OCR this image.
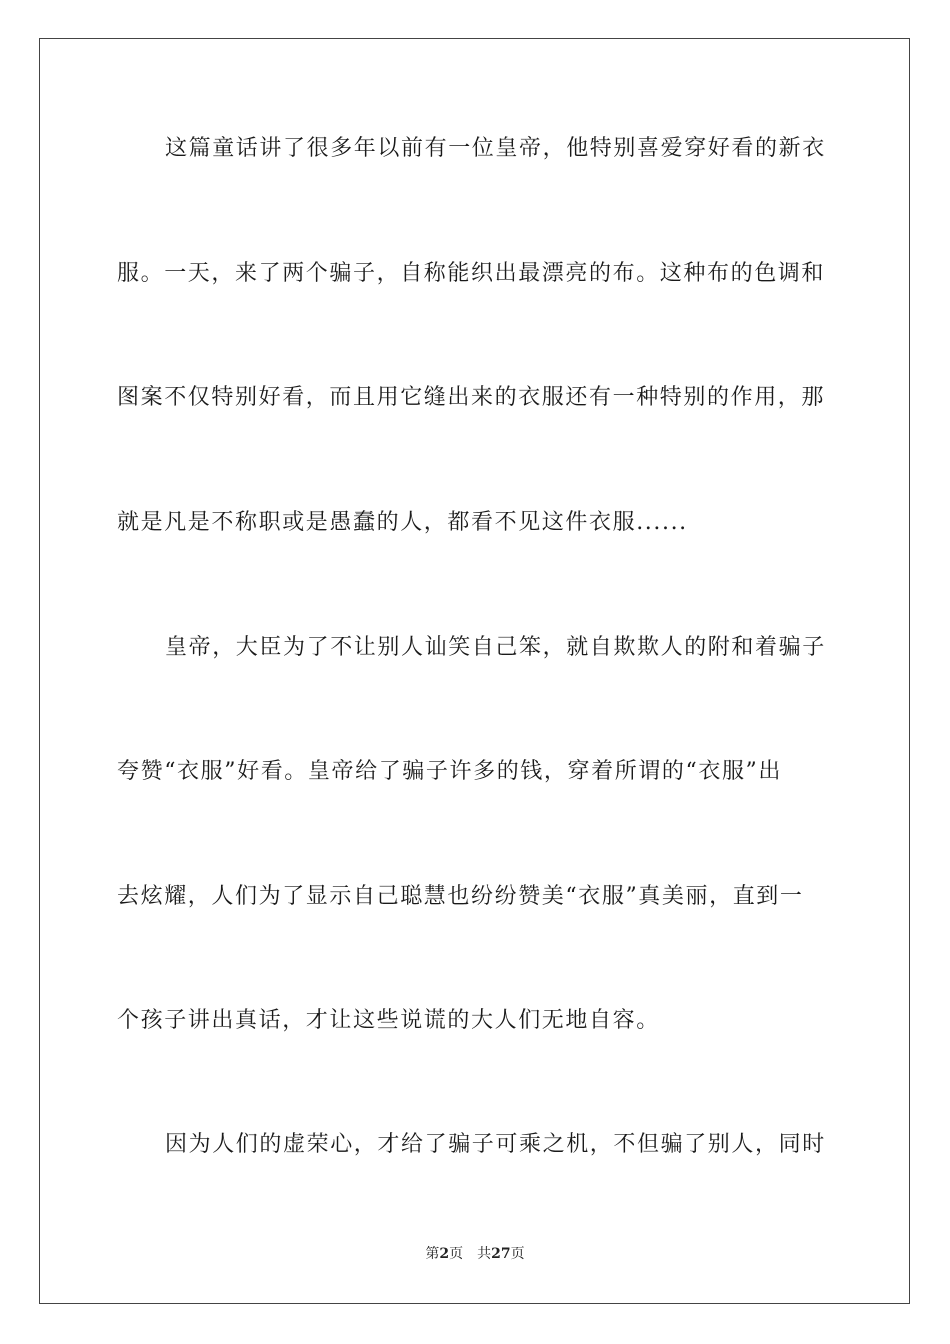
这篇童话讲了很多年以前有一位皇帝，他特别喜爱穿好看的新衣
服。一天，来了两个骗子，自称能织出最漂亮的布。这种布的色调和
图案不仅特别好看，而且用它缝出来的衣服还有一种特别的作用，那
就是凡是不称职或是愚蠢的人，都看不见这件衣服......
皇帝，大臣为了不让别人讪笑自己笨，就自欺欺人的附和着骗子
夸赞“衣服”好看。皇帝给了骗子许多的钱，穿着所谓的“衣服”出
去炫耀，人们为了显示自己聪慧也纷纷赞美“衣服”真美丽，直到一
个孩子讲出真话，才让这些说谎的大人们无地自容。
因为人们的虚荣心，才给了骗子可乘之机，不但骗了别人，同时
第2页 共27页
